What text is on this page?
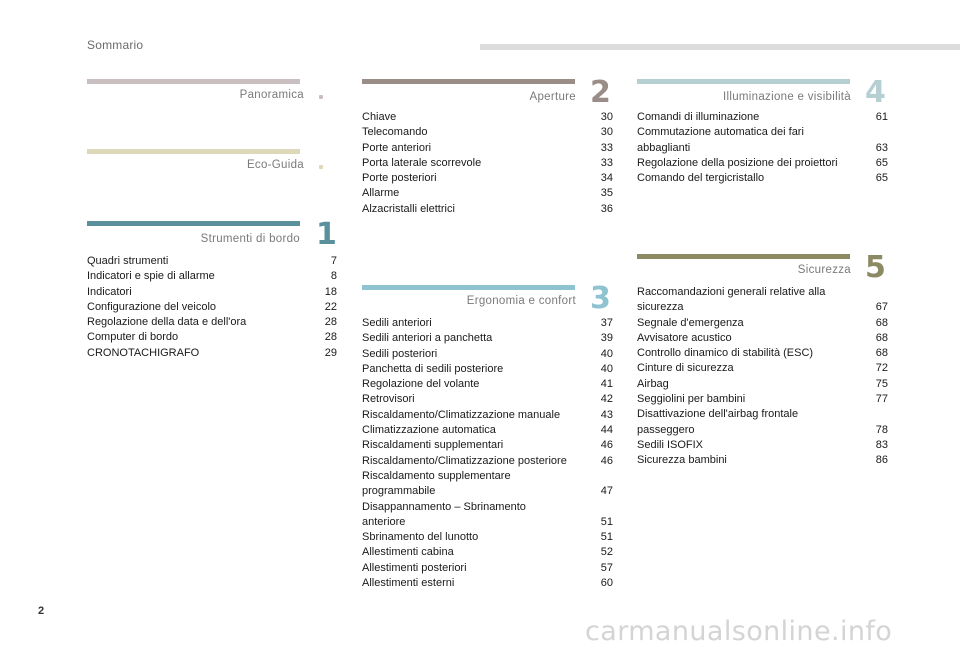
Sommario
Panoramica
Eco-Guida
Strumenti di bordo 1
Quadri strumenti	7
Indicatori e spie di allarme	8
Indicatori	18
Configurazione del veicolo	22
Regolazione della data e dell'ora	28
Computer di bordo	28
CRONOTACHIGRAFO	29
Aperture 2
Chiave	30
Telecomando	30
Porte anteriori	33
Porta laterale scorrevole	33
Porte posteriori	34
Allarme	35
Alzacristalli elettrici	36
Ergonomia e confort 3
Sedili anteriori	37
Sedili anteriori a panchetta	39
Sedili posteriori	40
Panchetta di sedili posteriore	40
Regolazione del volante	41
Retrovisori	42
Riscaldamento/Climatizzazione manuale	43
Climatizzazione automatica	44
Riscaldamenti supplementari	46
Riscaldamento/Climatizzazione posteriore	46
Riscaldamento supplementare
programmabile	47
Disappannamento – Sbrinamento
anteriore	51
Sbrinamento del lunotto	51
Allestimenti cabina	52
Allestimenti posteriori	57
Allestimenti esterni	60
Illuminazione e visibilità 4
Comandi di illuminazione	61
Commutazione automatica dei fari
abbaglianti	63
Regolazione della posizione dei proiettori	65
Comando del tergicristallo	65
Sicurezza 5
Raccomandazioni generali relative alla
sicurezza	67
Segnale d'emergenza	68
Avvisatore acustico	68
Controllo dinamico di stabilità (ESC)	68
Cinture di sicurezza	72
Airbag	75
Seggiolini per bambini	77
Disattivazione dell'airbag frontale
passeggero	78
Sedili ISOFIX	83
Sicurezza bambini	86
2
carmanualsonline.info
